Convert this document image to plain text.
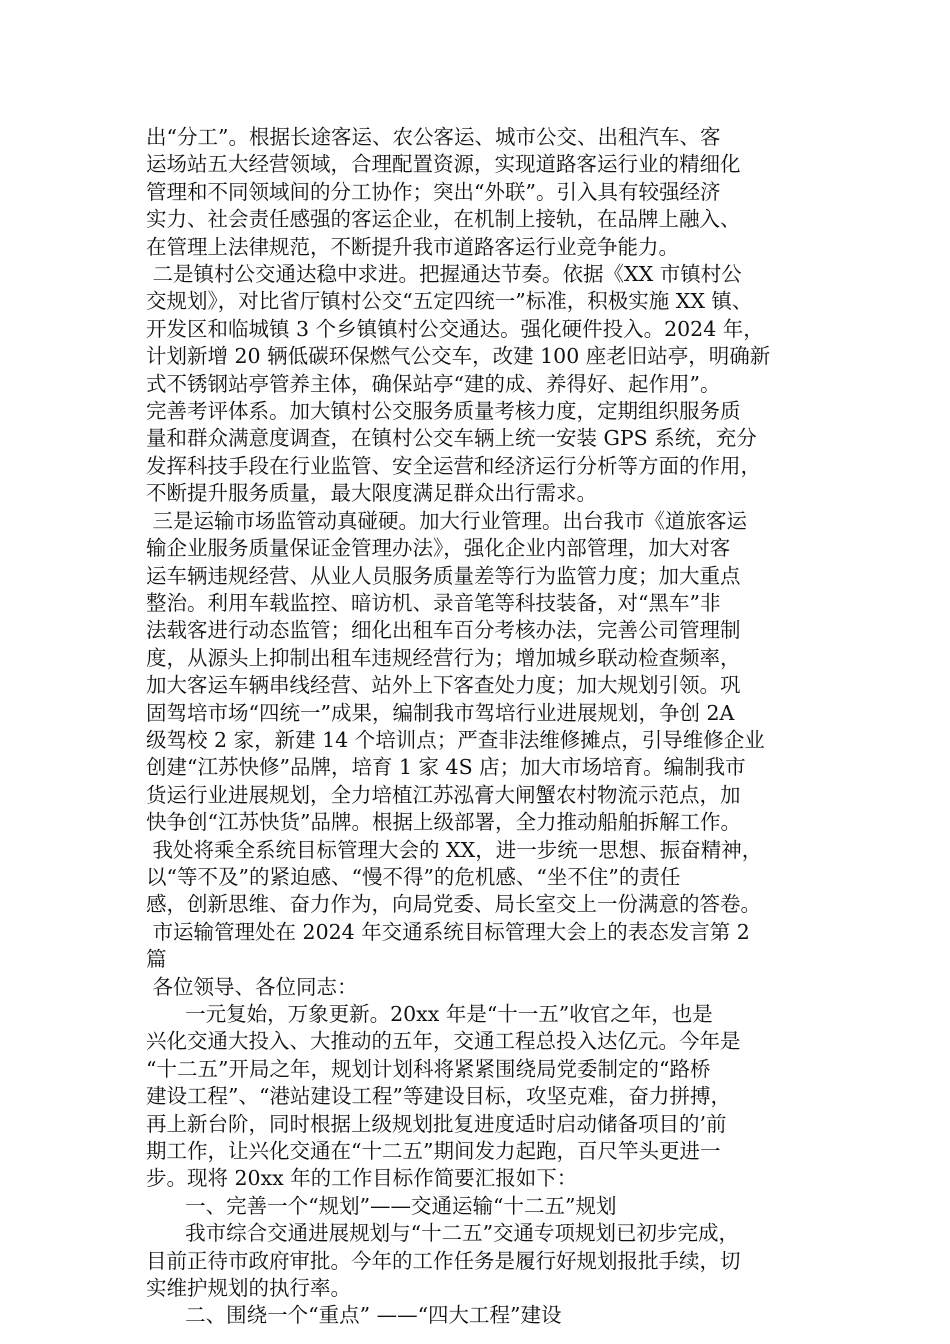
出“分工”。根据长途客运、农公客运、城市公交、出租汽车、客
运场站五大经营领域，合理配置资源，实现道路客运行业的精细化
管理和不同领域间的分工协作；突出“外联”。引入具有较强经济
实力、社会责任感强的客运企业，在机制上接轨，在品牌上融入、
在管理上法律规范，不断提升我市道路客运行业竞争能力。
二是镇村公交通达稳中求进。把握通达节奏。依据《XX 市镇村公
交规划》，对比省厅镇村公交“五定四统一”标准，积极实施 XX 镇、
开发区和临城镇 3 个乡镇镇村公交通达。强化硬件投入。2024 年，
计划新增 20 辆低碳环保燃气公交车，改建 100 座老旧站亭，明确新
式不锈钢站亭管养主体，确保站亭“建的成、养得好、起作用”。
完善考评体系。加大镇村公交服务质量考核力度，定期组织服务质
量和群众满意度调查，在镇村公交车辆上统一安装 GPS 系统，充分
发挥科技手段在行业监管、安全运营和经济运行分析等方面的作用，
不断提升服务质量，最大限度满足群众出行需求。
三是运输市场监管动真碰硬。加大行业管理。出台我市《道旅客运
输企业服务质量保证金管理办法》，强化企业内部管理，加大对客
运车辆违规经营、从业人员服务质量差等行为监管力度；加大重点
整治。利用车载监控、暗访机、录音笔等科技装备，对“黑车”非
法载客进行动态监管；细化出租车百分考核办法，完善公司管理制
度，从源头上抑制出租车违规经营行为；增加城乡联动检查频率，
加大客运车辆串线经营、站外上下客查处力度；加大规划引领。巩
固驾培市场“四统一”成果，编制我市驾培行业进展规划，争创 2A
级驾校 2 家，新建 14 个培训点；严查非法维修摊点，引导维修企业
创建“江苏快修”品牌，培育 1 家 4S 店；加大市场培育。编制我市
货运行业进展规划，全力培植江苏泓膏大闸蟹农村物流示范点，加
快争创“江苏快货”品牌。根据上级部署，全力推动船舶拆解工作。
我处将乘全系统目标管理大会的 XX，进一步统一思想、振奋精神，
以“等不及”的紧迫感、“慢不得”的危机感、“坐不住”的责任
感，创新思维、奋力作为，向局党委、局长室交上一份满意的答卷。
市运输管理处在 2024 年交通系统目标管理大会上的表态发言第 2
篇
各位领导、各位同志：
一元复始，万象更新。20xx 年是“十一五”收官之年，也是
兴化交通大投入、大推动的五年，交通工程总投入达亿元。今年是
“十二五”开局之年，规划计划科将紧紧围绕局党委制定的“路桥
建设工程”、“港站建设工程”等建设目标，攻坚克难，奋力拼搏，
再上新台阶，同时根据上级规划批复进度适时启动储备项目的’前
期工作，让兴化交通在“十二五”期间发力起跑，百尺竿头更进一
步。现将 20xx 年的工作目标作简要汇报如下：
一、完善一个“规划”——交通运输“十二五”规划
我市综合交通进展规划与“十二五”交通专项规划已初步完成，
目前正待市政府审批。今年的工作任务是履行好规划报批手续，切
实维护规划的执行率。
二、围绕一个“重点” ——“四大工程”建设
